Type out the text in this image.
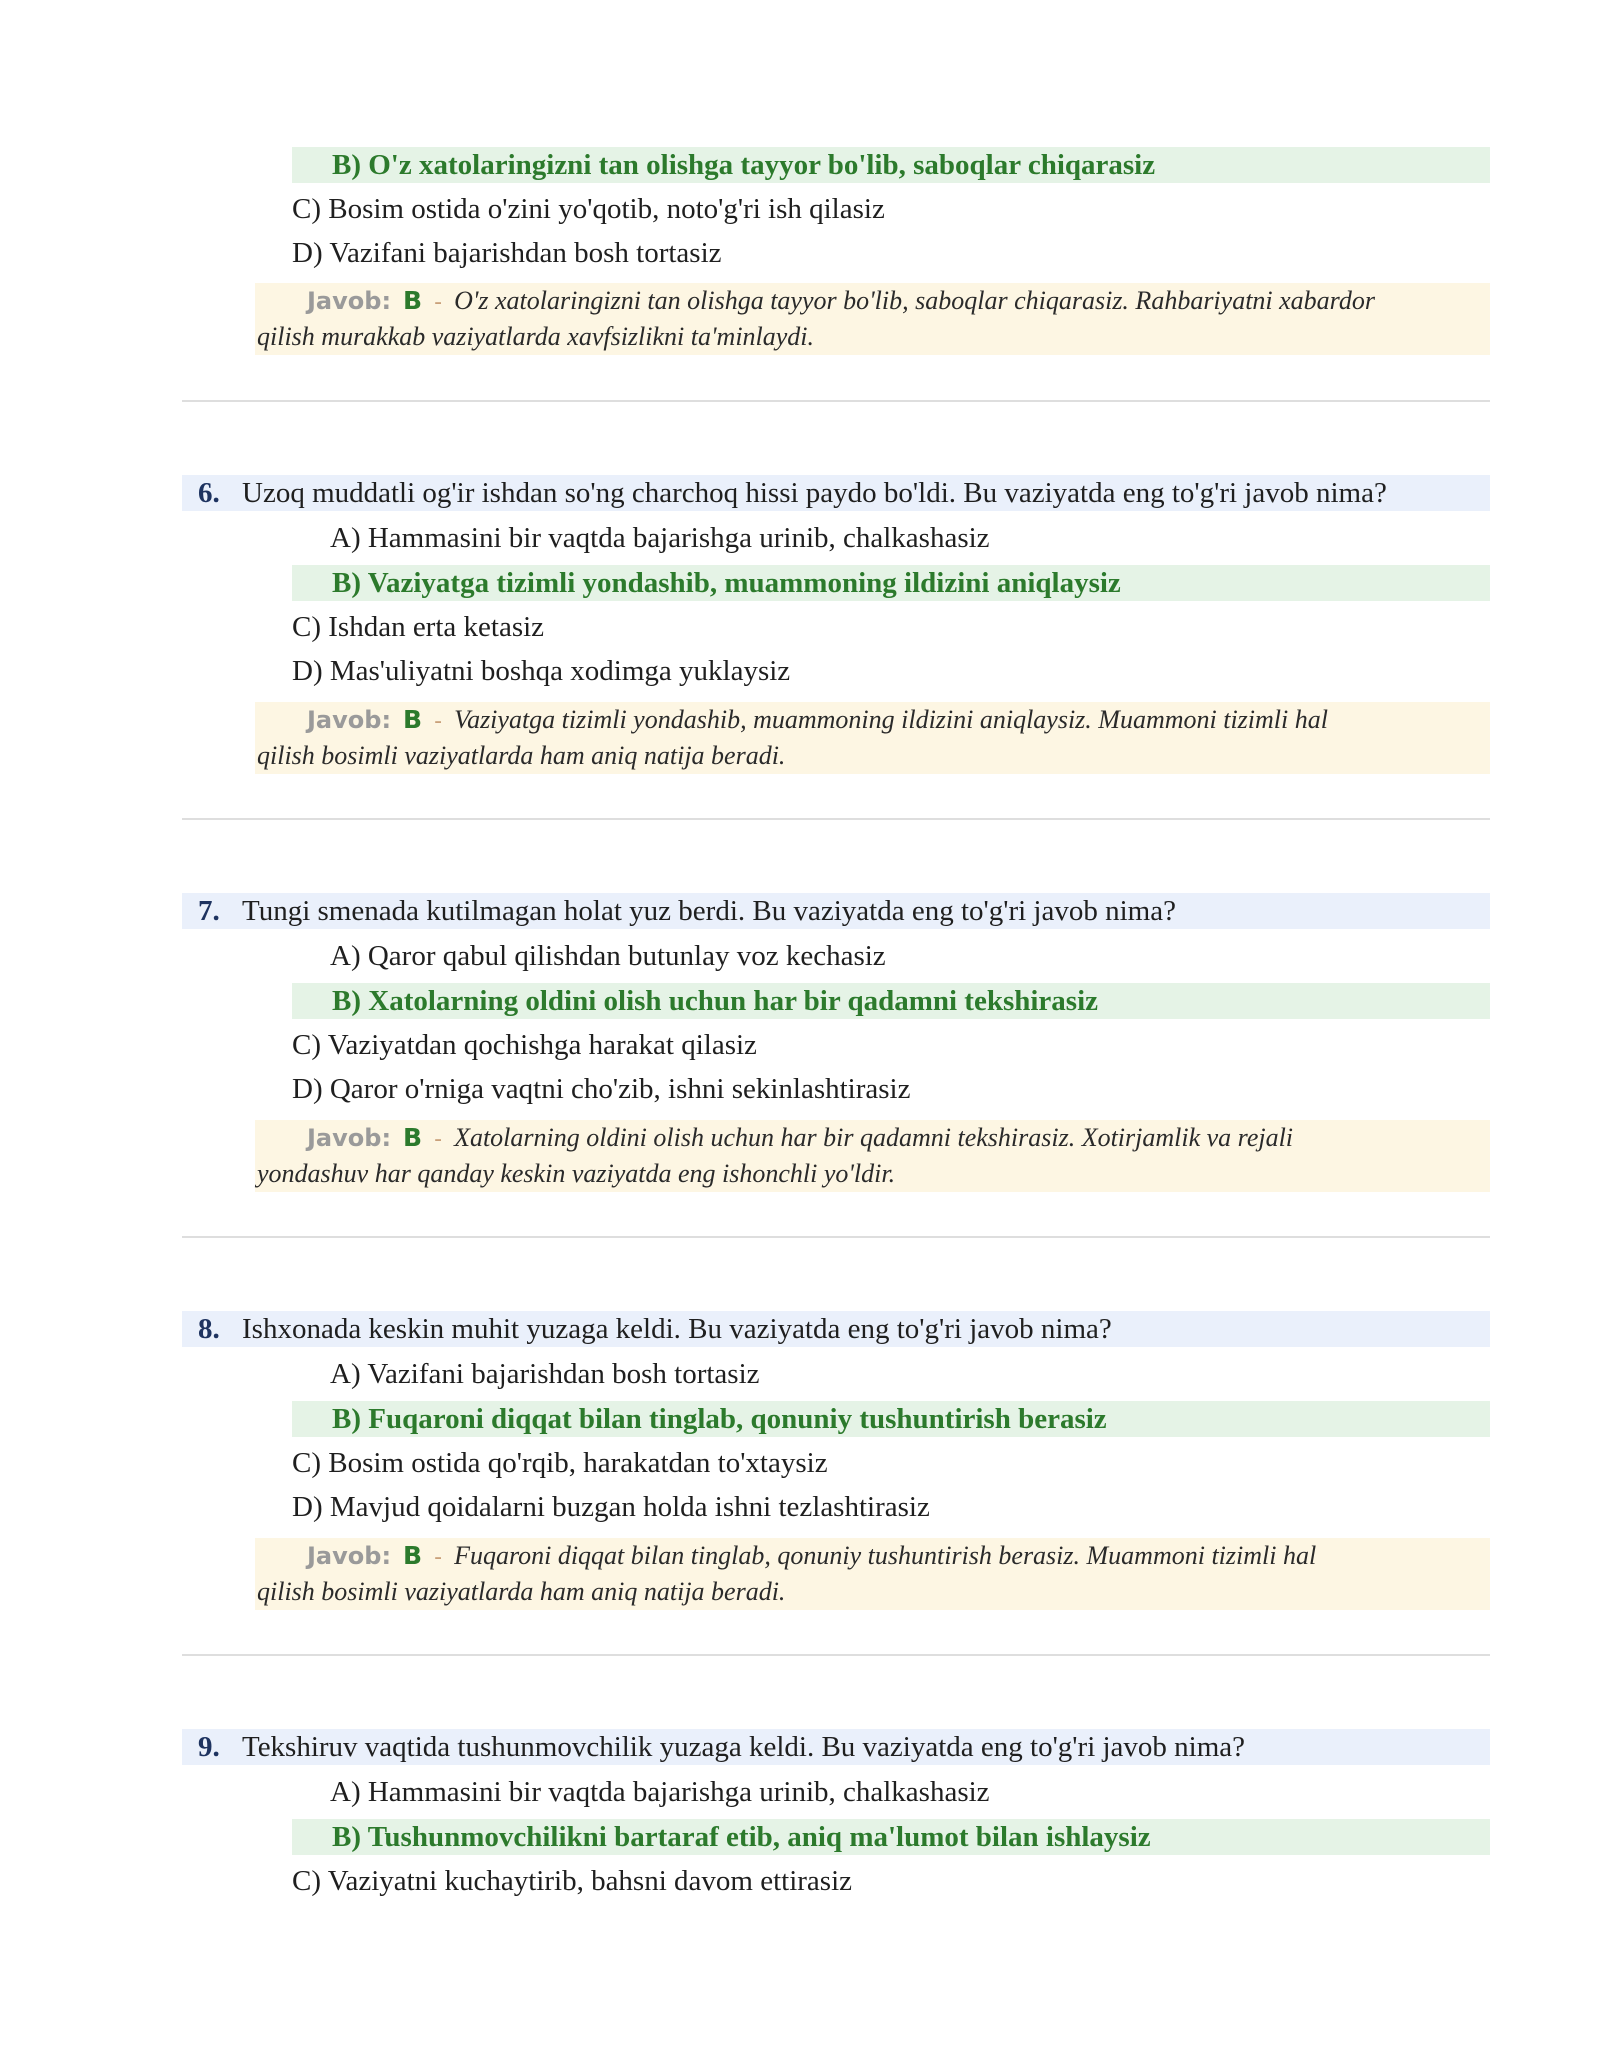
B) O'z xatolaringizni tan olishga tayyor bo'lib, saboqlar chiqarasiz
C) Bosim ostida o'zini yo'qotib, noto'g'ri ish qilasiz
D) Vazifani bajarishdan bosh tortasiz
Javob: B - O'z xatolaringizni tan olishga tayyor bo'lib, saboqlar chiqarasiz. Rahbariyatni xabardor
qilish murakkab vaziyatlarda xavfsizlikni ta'minlaydi.
6. Uzoq muddatli og'ir ishdan so'ng charchoq hissi paydo bo'ldi. Bu vaziyatda eng to'g'ri javob nima?
A) Hammasini bir vaqtda bajarishga urinib, chalkashasiz
B) Vaziyatga tizimli yondashib, muammoning ildizini aniqlaysiz
C) Ishdan erta ketasiz
D) Mas'uliyatni boshqa xodimga yuklaysiz
Javob: B - Vaziyatga tizimli yondashib, muammoning ildizini aniqlaysiz. Muammoni tizimli hal
qilish bosimli vaziyatlarda ham aniq natija beradi.
7. Tungi smenada kutilmagan holat yuz berdi. Bu vaziyatda eng to'g'ri javob nima?
A) Qaror qabul qilishdan butunlay voz kechasiz
B) Xatolarning oldini olish uchun har bir qadamni tekshirasiz
C) Vaziyatdan qochishga harakat qilasiz
D) Qaror o'rniga vaqtni cho'zib, ishni sekinlashtirasiz
Javob: B - Xatolarning oldini olish uchun har bir qadamni tekshirasiz. Xotirjamlik va rejali
yondashuv har qanday keskin vaziyatda eng ishonchli yo'ldir.
8. Ishxonada keskin muhit yuzaga keldi. Bu vaziyatda eng to'g'ri javob nima?
A) Vazifani bajarishdan bosh tortasiz
B) Fuqaroni diqqat bilan tinglab, qonuniy tushuntirish berasiz
C) Bosim ostida qo'rqib, harakatdan to'xtaysiz
D) Mavjud qoidalarni buzgan holda ishni tezlashtirasiz
Javob: B - Fuqaroni diqqat bilan tinglab, qonuniy tushuntirish berasiz. Muammoni tizimli hal
qilish bosimli vaziyatlarda ham aniq natija beradi.
9. Tekshiruv vaqtida tushunmovchilik yuzaga keldi. Bu vaziyatda eng to'g'ri javob nima?
A) Hammasini bir vaqtda bajarishga urinib, chalkashasiz
B) Tushunmovchilikni bartaraf etib, aniq ma'lumot bilan ishlaysiz
C) Vaziyatni kuchaytirib, bahsni davom ettirasiz
